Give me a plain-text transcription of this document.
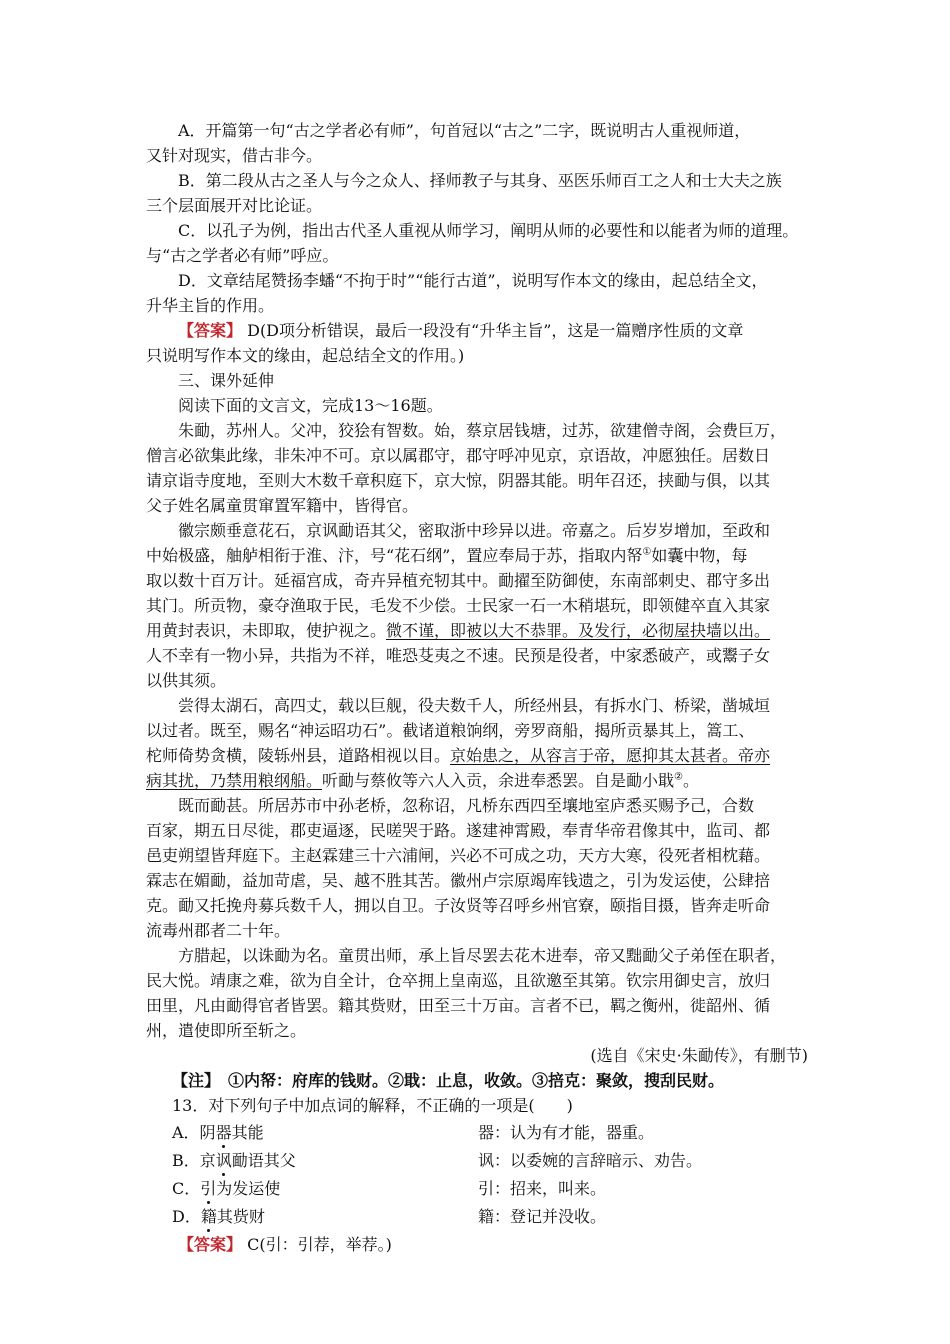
A．开篇第一句“古之学者必有师”，句首冠以“古之”二字，既说明古人重视师道，
又针对现实，借古非今。
B．第二段从古之圣人与今之众人、择师教子与其身、巫医乐师百工之人和士大夫之族
三个层面展开对比论证。
C．以孔子为例，指出古代圣人重视从师学习，阐明从师的必要性和以能者为师的道理。
与“古之学者必有师”呼应。
D．文章结尾赞扬李蟠“不拘于时”“能行古道”，说明写作本文的缘由，起总结全文，
升华主旨的作用。
【答案】 D(D项分析错误，最后一段没有“升华主旨”，这是一篇赠序性质的文章
只说明写作本文的缘由，起总结全文的作用。)
三、课外延伸
阅读下面的文言文，完成13～16题。
朱勔，苏州人。父冲，狡狯有智数。始，蔡京居钱塘，过苏，欲建僧寺阁，会费巨万，
僧言必欲集此缘，非朱冲不可。京以属郡守，郡守呼冲见京，京语故，冲愿独任。居数日
请京诣寺度地，至则大木数千章积庭下，京大惊，阴器其能。明年召还，挟勔与俱，以其
父子姓名属童贯窜置军籍中，皆得官。
徽宗颇垂意花石，京讽勔语其父，密取浙中珍异以进。帝嘉之。后岁岁增加，至政和
中始极盛，舳舻相衔于淮、汴，号“花石纲”，置应奉局于苏，指取内帑①如囊中物，每
取以数十百万计。延福宫成，奇卉异植充牣其中。勔擢至防御使，东南部刺史、郡守多出
其门。所贡物，豪夺渔取于民，毛发不少偿。士民家一石一木稍堪玩，即领健卒直入其家
用黄封表识，未即取，使护视之。微不谨，即被以大不恭罪。及发行，必彻屋抉墙以出。
人不幸有一物小异，共指为不祥，唯恐芟夷之不速。民预是役者，中家悉破产，或鬻子女
以供其须。
尝得太湖石，高四丈，载以巨舰，役夫数千人，所经州县，有拆水门、桥梁，凿城垣
以过者。既至，赐名“神运昭功石”。截诸道粮饷纲，旁罗商船，揭所贡暴其上，篙工、
柁师倚势贪横，陵轹州县，道路相视以目。京始患之，从容言于帝，愿抑其太甚者。帝亦
病其扰，乃禁用粮纲船。听勔与蔡攸等六人入贡，余进奉悉罢。自是勔小戢②。
既而勔甚。所居苏市中孙老桥，忽称诏，凡桥东西四至壤地室庐悉买赐予己，合数
百家，期五日尽徙，郡吏逼逐，民嗟哭于路。遂建神霄殿，奉青华帝君像其中，监司、都
邑吏朔望皆拜庭下。主赵霖建三十六浦闸，兴必不可成之功，天方大寒，役死者相枕藉。
霖志在媚勔，益加苛虐，吴、越不胜其苦。徽州卢宗原竭库钱遗之，引为发运使，公肆掊
克。勔又托挽舟募兵数千人，拥以自卫。子汝贤等召呼乡州官寮，颐指目摄，皆奔走听命
流毒州郡者二十年。
方腊起，以诛勔为名。童贯出师，承上旨尽罢去花木进奉，帝又黜勔父子弟侄在职者，
民大悦。靖康之难，欲为自全计，仓卒拥上皇南巡，且欲邀至其第。钦宗用御史言，放归
田里，凡由勔得官者皆罢。籍其赀财，田至三十万亩。言者不已，羁之衡州，徙韶州、循
州，遣使即所至斩之。
(选自《宋史·朱勔传》，有删节)
【注】　①内帑：府库的钱财。②戢：止息，收敛。③掊克：聚敛，搜刮民财。
13．对下列句子中加点词的解释，不正确的一项是(　　)
A．阴器其能	器：认为有才能，器重。
B．京讽勔语其父	讽：以委婉的言辞暗示、劝告。
C．引为发运使	引：招来，叫来。
D．籍其赀财	籍：登记并没收。
【答案】 C(引：引荐，举荐。)
